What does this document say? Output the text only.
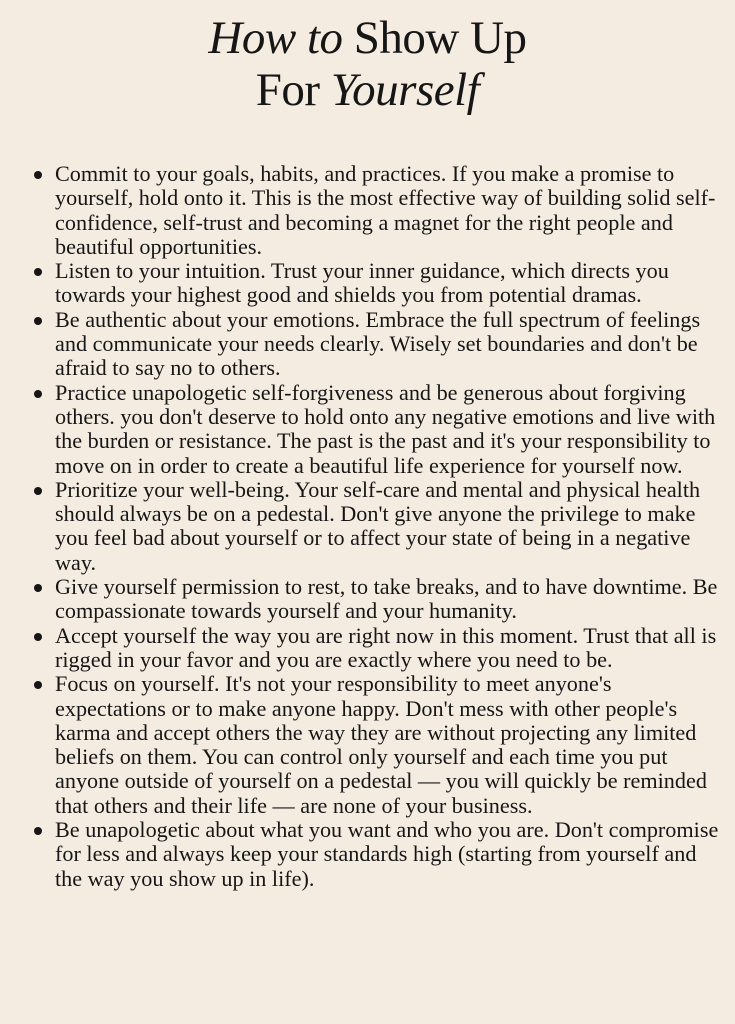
How to Show Up
For Yourself
Commit to your goals, habits, and practices. If you make a promise to yourself, hold onto it. This is the most effective way of building solid self-confidence, self-trust and becoming a magnet for the right people and beautiful opportunities.
Listen to your intuition. Trust your inner guidance, which directs you towards your highest good and shields you from potential dramas.
Be authentic about your emotions. Embrace the full spectrum of feelings and communicate your needs clearly. Wisely set boundaries and don't be afraid to say no to others.
Practice unapologetic self-forgiveness and be generous about forgiving others. you don't deserve to hold onto any negative emotions and live with the burden or resistance. The past is the past and it's your responsibility to move on in order to create a beautiful life experience for yourself now.
Prioritize your well-being. Your self-care and mental and physical health should always be on a pedestal. Don't give anyone the privilege to make you feel bad about yourself or to affect your state of being in a negative way.
Give yourself permission to rest, to take breaks, and to have downtime. Be compassionate towards yourself and your humanity.
Accept yourself the way you are right now in this moment. Trust that all is rigged in your favor and you are exactly where you need to be.
Focus on yourself. It's not your responsibility to meet anyone's expectations or to make anyone happy. Don't mess with other people's karma and accept others the way they are without projecting any limited beliefs on them. You can control only yourself and each time you put anyone outside of yourself on a pedestal — you will quickly be reminded that others and their life — are none of your business.
Be unapologetic about what you want and who you are. Don't compromise for less and always keep your standards high (starting from yourself and the way you show up in life).
